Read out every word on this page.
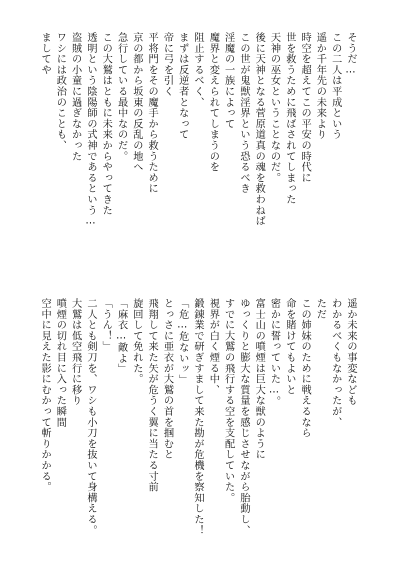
そうだ…
この二人は平成という
遥か千年先の未来より
時空を超えてこの平安の時代に
世を救うために飛ばされてしまった
天神の巫女ということなのだ。
後に天神となる菅原道真の魂を救わねば
この世が鬼獣淫界という恐るべき
淫魔の一族によって
魔界と変えられてしまうのを
阻止するべく、
まずは反逆者となって
帝に弓を引く
平将門をその魔手から救うために
京の都から坂東の反乱の地へ
急行している最中なのだ。
この大鷲はともに未来からやってきた
透明という陰陽師の式神であるという…
盗賊の小童に過ぎなかった
ワシには政治のことも、
ましてや
遥か未来の事変なども
わかるべくもなかったが、
ただ
この姉妹のために戦えるなら
命を賭けてもよいと
密かに誓っていた…。
富士山の噴煙は巨大な獣のように
ゆっくりと膨大な質量を感じさせながら胎動し、
すでに大鷲の飛行する空を支配していた。
視界が白く煙る中、
鍛錬業で研ぎすまして来た勘が危機を察知した！
「危…危ないッ」
とっさに亜衣が大鷲の首を掴むと
飛翔して来た矢が危うく翼に当たる寸前
旋回して免れた。
「麻衣…敵よ」
「うん！」
二人とも剣刀を、ワシも小刀を抜いて身構える。
大鷲は低空飛行に移り
噴煙の切れ目に入った瞬間
空中に見えた影にむかって斬りかかる。
